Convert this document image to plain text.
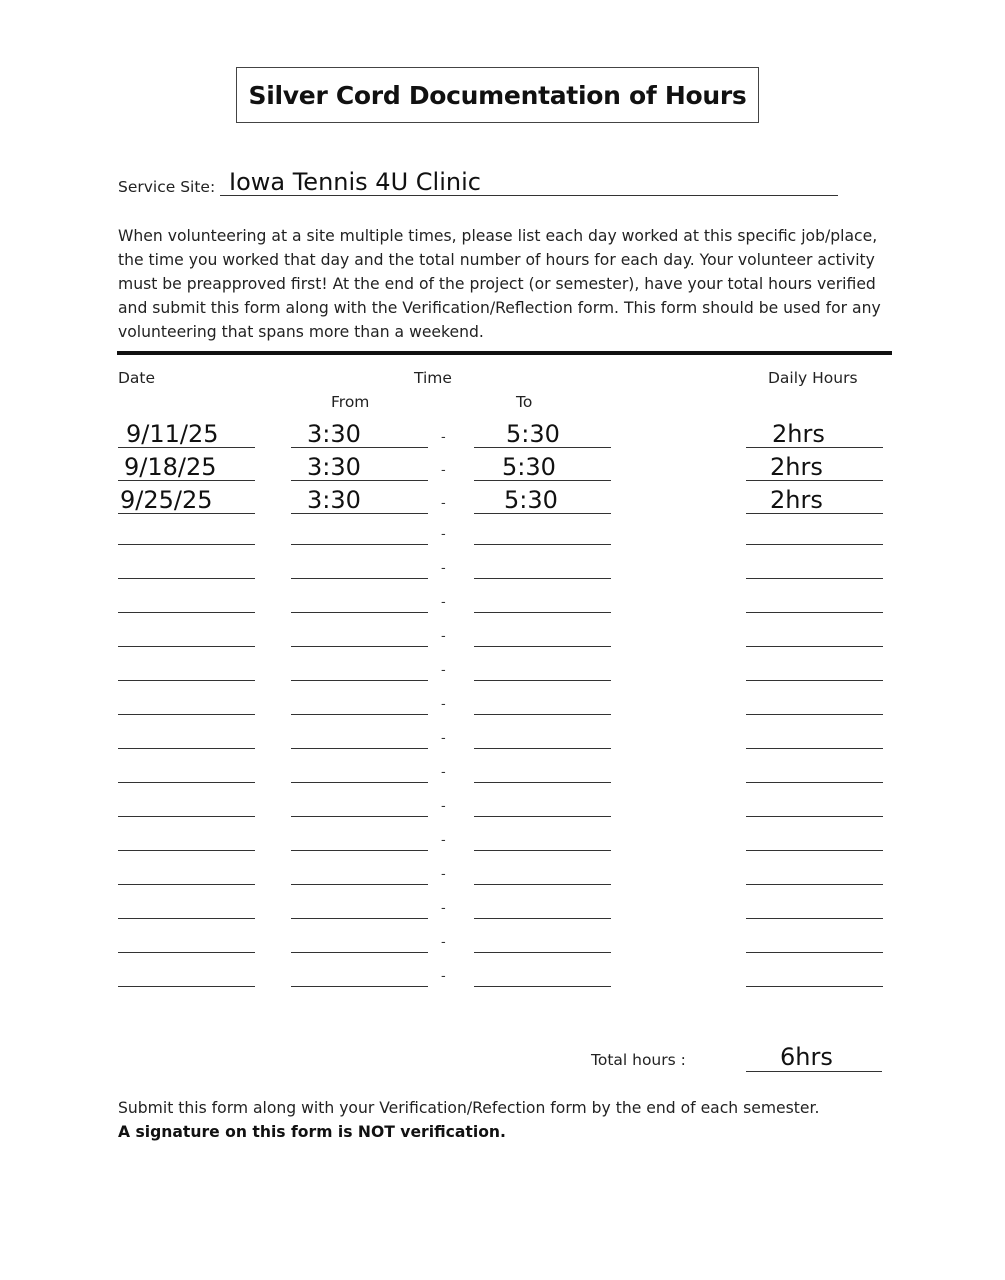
Silver Cord Documentation of Hours
Service Site: Iowa Tennis 4U Clinic
When volunteering at a site multiple times, please list each day worked at this specific job/place, the time you worked that day and the total number of hours for each day. Your volunteer activity must be preapproved first! At the end of the project (or semester), have your total hours verified and submit this form along with the Verification/Reflection form. This form should be used for any volunteering that spans more than a weekend.
Date	Time	Daily Hours
From	To
9/11/25	3:30	-	5:30	2hrs
9/18/25	3:30	- 5:30	2hrs
9/25/25	3:30	- 5:30	2hrs
-
-
-
-
-
-
-
-
-
-
-
-
-
-
Total hours :	6hrs
Submit this form along with your Verification/Refection form by the end of each semester.
A signature on this form is NOT verification.
